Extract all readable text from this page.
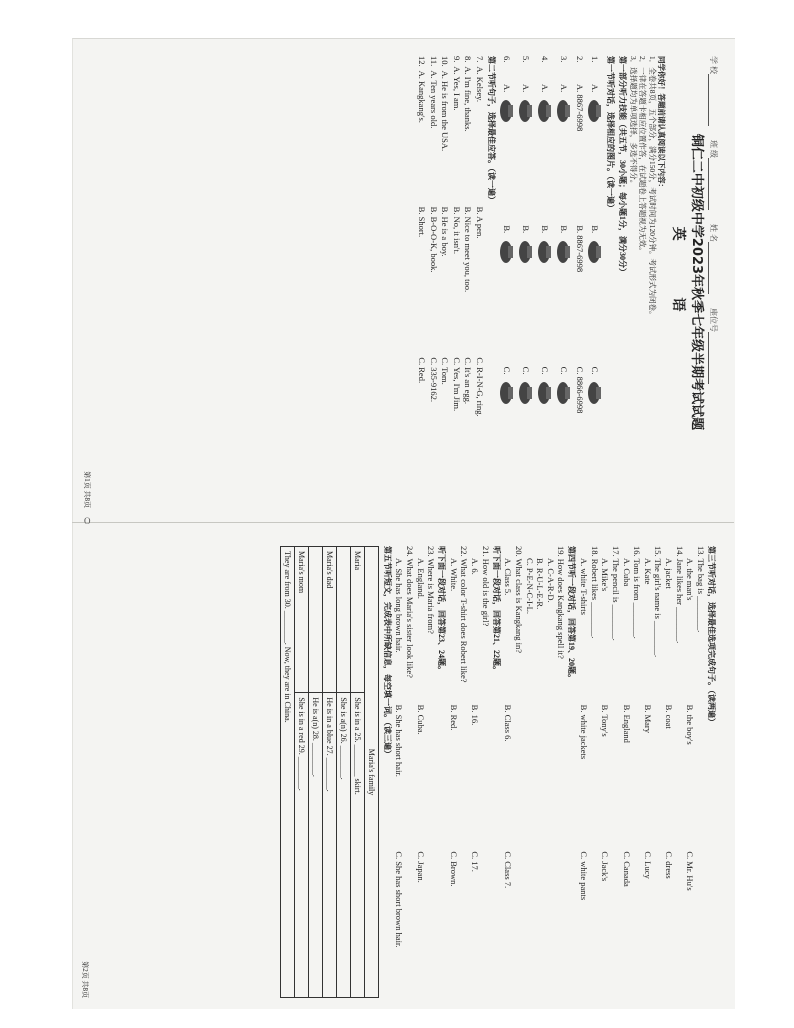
O
学 校
班 级
姓 名
座位号
铜仁二中初级中学2023年秋季七年级半期考试试题
英 语

同学你好！答题前请认真阅读以下内容：

1．全卷共8页，五个部分，满分150分，考试时间为120分钟。考试形式为闭卷。

2．一律在答题卡相应位置作答，在试题卷上答题视为无效。

3．选择题均为单项选择，多选不得分。

第一部分听力技能（共五节，30小题；每小题1分，满分30分）
第一节听对话，选择相应的图片。（读一遍）
1.
A.
B.
C.
2.
A. 8867-6998
B. 8867-6998
C. 8866-6998
3.
A.
B.
C.
4.
A.
B.
C.
5.
A.
B.
C.
6.
A.
B.
C.
第二节听句子，选择最佳应答。（读一遍）
7.
A. Kelsey.
B. A pen.
C. R-I-N-G, ring.
8.
A. I'm fine, thanks.
B. Nice to meet you, too.
C. It's an egg.
9.
A. Yes, I am.
B. No, it isn't.
C. Yes, I'm Jim.
10.
A. He is from the USA.
B. He is a boy.
C. Tom.
11.
A. Ten years old.
B. B-O-O-K, book.
C. 335-9162.
12.
A. Kangkang's.
B. Short.
C. Red.
第1页 共8页
第三节听对话，选择最佳选项完成句子。（读两遍）
13. The bag is ________.
A. the man's
B. the boy's
C. Mr. Hu's
14. Jane likes her ________.
A. jacket
B. coat
C. dress
15. The girl's name is ________.
A. Kate
B. Mary
C. Lucy
16. Tom is from ________.
A. Cuba
B. England
C. Canada
17. The pencil is ________.
A. Mike's
B. Tony's
C. Jack's
18. Robert likes ________.
A. white T-shirts
B. white jackets
C. white pants
第四节听一段对话，回答第19、20题。
19. How does Kangkang spell it?
A. C-A-R-D.
B. R-U-L-E-R.
C. P-E-N-C-I-L.
20. What class is Kangkang in?
A. Class 5.
B. Class 6.
C. Class 7.
听下面一段对话，回答第21、22题。
21. How old is the girl?
A. 6.
B. 16.
C. 17.
22. What color T-shirt does Robert like?
A. White.
B. Red.
C. Brown.
听下面一段对话，回答第23、24题。
23. Where is Maria from?
A. England.
B. Cuba.
C. Japan.
24. What does Maria's sister look like?
A. She has long brown hair.
B. She has short hair.
C. She has short brown hair.
第五节听短文，完成表中所缺信息，每空填一词。（读三遍）
Maria's family	
Maria	She is in a 25. ________ skirt.
	She is a(n) 26. ________.
Maria's dad	He is in a blue 27. ________.
	He is a(n) 28. ________.
Maria's mom	She is in a red 29. ________.
They are from 30. ________. Now, they are in China.	
第2页 共8页
